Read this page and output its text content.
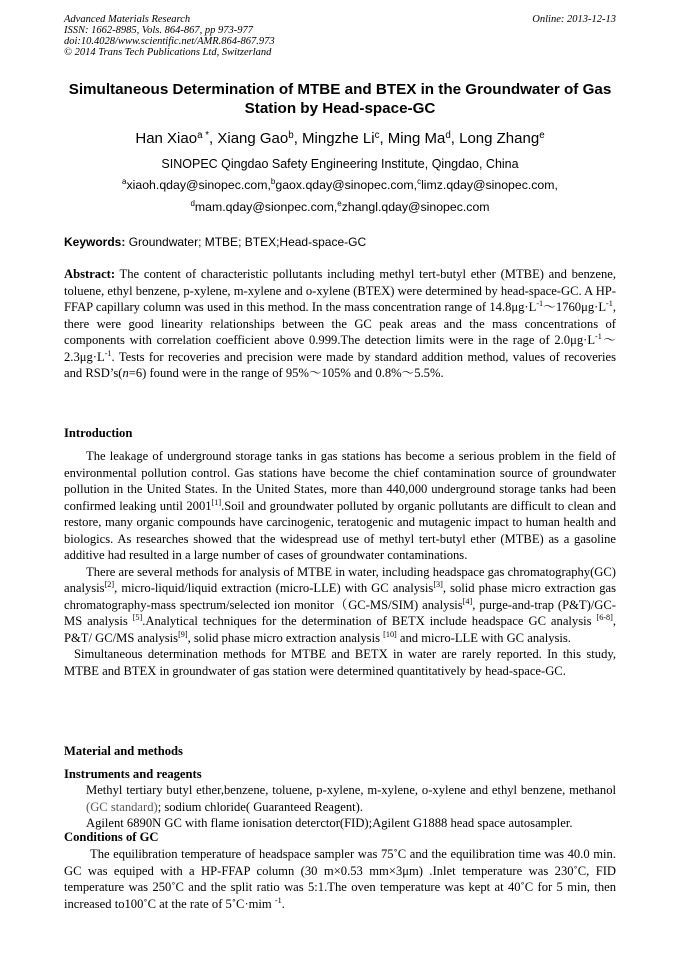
Advanced Materials Research
ISSN: 1662-8985, Vols. 864-867, pp 973-977
doi:10.4028/www.scientific.net/AMR.864-867.973
© 2014 Trans Tech Publications Ltd, Switzerland
Online: 2013-12-13
Simultaneous Determination of MTBE and BTEX in the Groundwater of Gas Station by Head-space-GC
Han Xiao$^{a *}$, Xiang Gao$^b$, Mingzhe Li$^c$, Ming Ma$^d$, Long Zhang$^e$
SINOPEC Qingdao Safety Engineering Institute, Qingdao, China
$^a$xiaoh.qday@sinopec.com,$^b$gaox.qday@sinopec.com,$^c$limz.qday@sinopec.com,
$^d$mam.qday@sionpec.com,$^e$zhangl.qday@sinopec.com
Keywords: Groundwater; MTBE; BTEX;Head-space-GC
Abstract: The content of characteristic pollutants including methyl tert-butyl ether (MTBE) and benzene, toluene, ethyl benzene, p-xylene, m-xylene and o-xylene (BTEX) were determined by head-space-GC. A HP-FFAP capillary column was used in this method. In the mass concentration range of $14.8\mu g\cdot L^{-1}\sim 1760\mu g\cdot L^{-1}$, there were good linearity relationships between the GC peak areas and the mass concentrations of components with correlation coefficient above 0.999.The detection limits were in the rage of $2.0\mu g\cdot L^{-1}\sim 2.3\mu g\cdot L^{-1}$. Tests for recoveries and precision were made by standard addition method, values of recoveries and RSD’s(n=6) found were in the range of 95%～105% and 0.8%～5.5%.
Introduction

The leakage of underground storage tanks in gas stations has become a serious problem in the field of environmental pollution control. Gas stations have become the chief contamination source of groundwater pollution in the United States. In the United States, more than 440,000 underground storage tanks had been confirmed leaking until 2001[1].Soil and groundwater polluted by organic pollutants are difficult to clean and restore, many organic compounds have carcinogenic, teratogenic and mutagenic impact to human health and biologics. As researches showed that the widespread use of methyl tert-butyl ether (MTBE) as a gasoline additive had resulted in a large number of cases of groundwater contaminations.

There are several methods for analysis of MTBE in water, including headspace gas chromatography(GC) analysis[2], micro-liquid/liquid extraction (micro-LLE) with GC analysis[3], solid phase micro extraction gas chromatography-mass spectrum/selected ion monitor（GC-MS/SIM) analysis[4], purge-and-trap (P&T)/GC- MS analysis [5].Analytical techniques for the determination of BETX include headspace GC analysis [6-8], P&T/ GC/MS analysis[9], solid phase micro extraction analysis [10] and micro-LLE with GC analysis.

Simultaneous determination methods for MTBE and BETX in water are rarely reported. In this study, MTBE and BTEX in groundwater of gas station were determined quantitatively by head-space-GC.

Material and methods
Instruments and reagents

Methyl tertiary butyl ether,benzene, toluene, p-xylene, m-xylene, o-xylene and ethyl benzene, methanol (GC standard); sodium chloride( Guaranteed Reagent).

Agilent 6890N GC with flame ionisation deterctor(FID);Agilent G1888 head space autosampler.

Conditions of GC

The equilibration temperature of headspace sampler was 75˚C and the equilibration time was 40.0 min. GC was equiped with a HP-FFAP column (30 m×0.53 mm×3μm) .Inlet temperature was 230˚C, FID temperature was 250˚C and the split ratio was 5:1.The oven temperature was kept at 40˚C for 5 min, then increased to100˚C at the rate of 5˚C·mim $^{-1}$.
